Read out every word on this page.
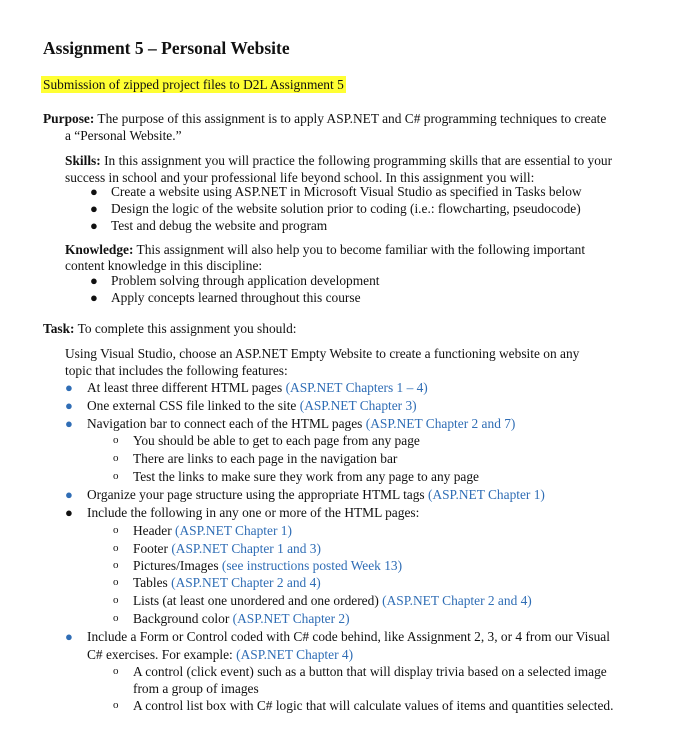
Assignment 5 – Personal Website
Submission of zipped project files to D2L Assignment 5

Purpose: The purpose of this assignment is to apply ASP.NET and C# programming techniques to create

a “Personal Website.”

Skills: In this assignment you will practice the following programming skills that are essential to your

success in school and your professional life beyond school. In this assignment you will:

● Create a website using ASP.NET in Microsoft Visual Studio as specified in Tasks below
● Design the logic of the website solution prior to coding (i.e.: flowcharting, pseudocode)
● Test and debug the website and program

Knowledge: This assignment will also help you to become familiar with the following important

content knowledge in this discipline:

● Problem solving through application development
● Apply concepts learned throughout this course

Task: To complete this assignment you should:

Using Visual Studio, choose an ASP.NET Empty Website to create a functioning website on any

topic that includes the following features:

● At least three different HTML pages (ASP.NET Chapters 1 – 4)
● One external CSS file linked to the site (ASP.NET Chapter 3)
● Navigation bar to connect each of the HTML pages (ASP.NET Chapter 2 and 7)
o You should be able to get to each page from any page
o There are links to each page in the navigation bar
o Test the links to make sure they work from any page to any page
● Organize your page structure using the appropriate HTML tags (ASP.NET Chapter 1)
● Include the following in any one or more of the HTML pages:
o Header (ASP.NET Chapter 1)
o Footer (ASP.NET Chapter 1 and 3)
o Pictures/Images (see instructions posted Week 13)
o Tables (ASP.NET Chapter 2 and 4)
o Lists (at least one unordered and one ordered) (ASP.NET Chapter 2 and 4)
o Background color (ASP.NET Chapter 2)
● Include a Form or Control coded with C# code behind, like Assignment 2, 3, or 4 from our Visual
C# exercises. For example: (ASP.NET Chapter 4)
o A control (click event) such as a button that will display trivia based on a selected image
from a group of images
o A control list box with C# logic that will calculate values of items and quantities selected.
